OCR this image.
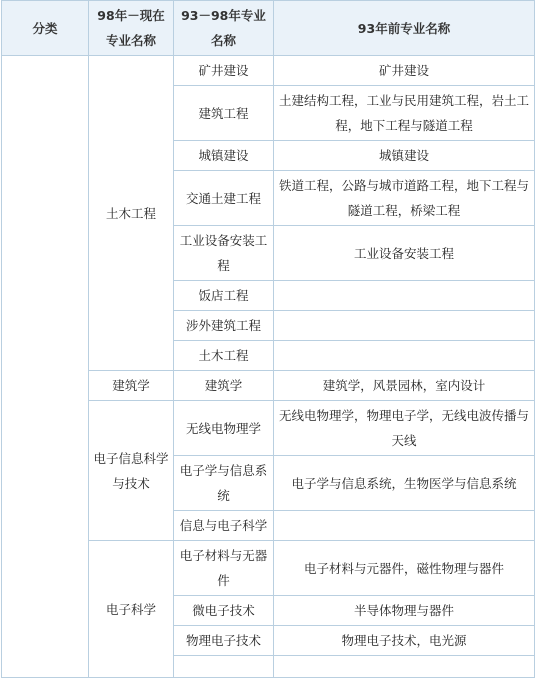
分类	98年－现在专业名称	93－98年专业名称	93年前专业名称
	土木工程	矿井建设	矿井建设
		建筑工程	土建结构工程，工业与民用建筑工程，岩土工程，地下工程与隧道工程
		城镇建设	城镇建设
		交通土建工程	铁道工程，公路与城市道路工程，地下工程与隧道工程，桥梁工程
		工业设备安装工程	工业设备安装工程
		饭店工程	
		涉外建筑工程	
		土木工程	
	建筑学	建筑学	建筑学，风景园林，室内设计
	电子信息科学与技术	无线电物理学	无线电物理学，物理电子学，无线电波传播与天线
		电子学与信息系统	电子学与信息系统，生物医学与信息系统
		信息与电子科学	
	电子科学	电子材料与无器件	电子材料与元器件，磁性物理与器件
		微电子技术	半导体物理与器件
		物理电子技术	物理电子技术，电光源
